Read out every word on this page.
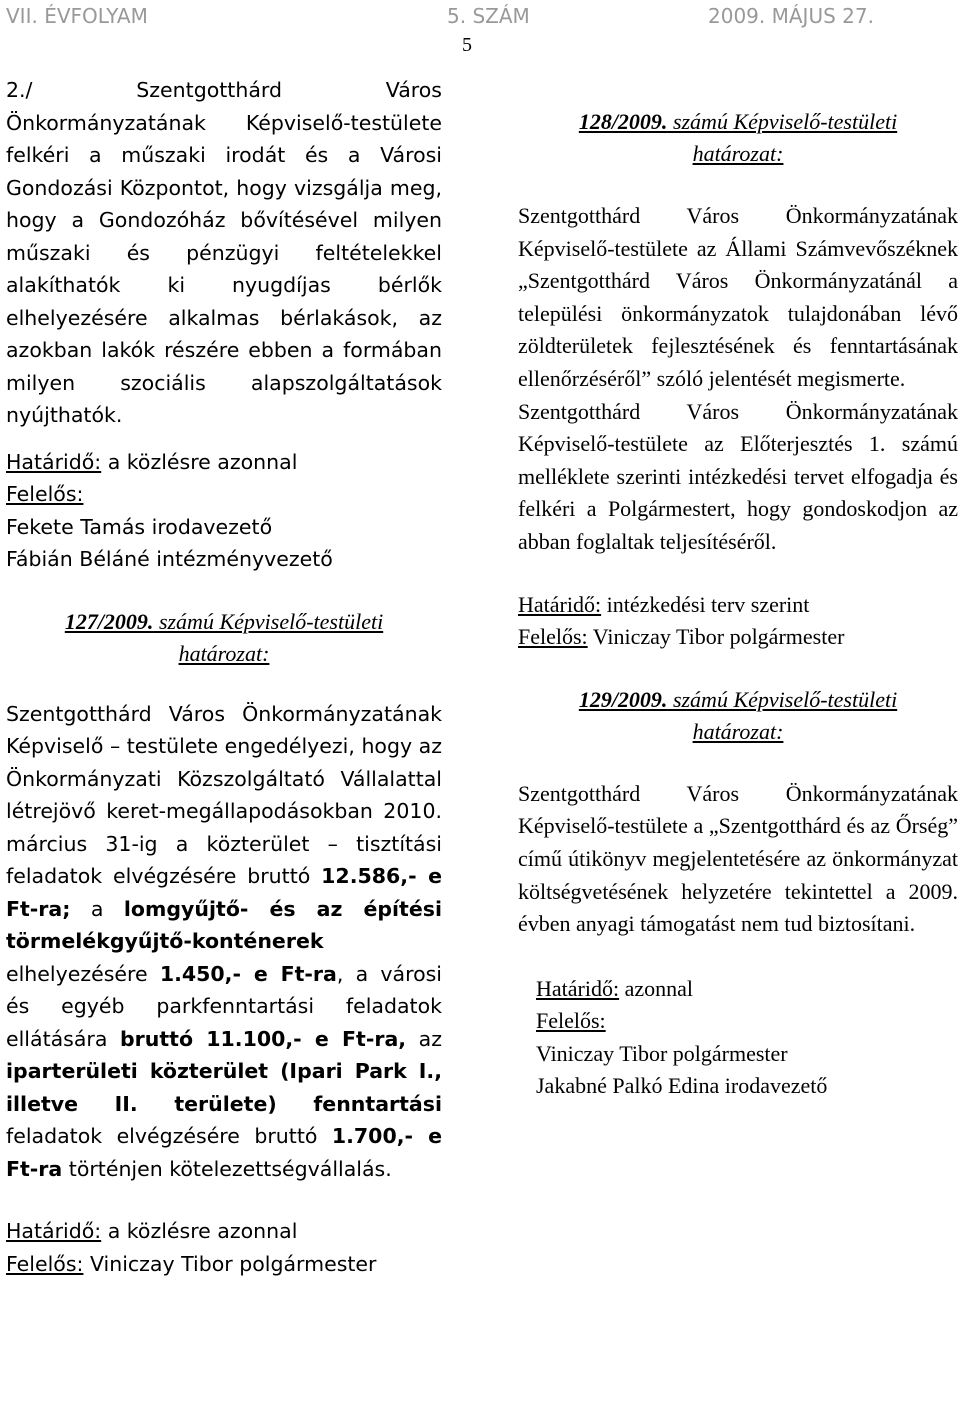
VII. ÉVFOLYAM	5. SZÁM	2009. MÁJUS 27.
5

2./ Szentgotthárd Város Önkormányzatának Képviselő-testülete felkéri a műszaki irodát és a Városi Gondozási Központot, hogy vizsgálja meg, hogy a Gondozóház bővítésével milyen műszaki és pénzügyi feltételekkel alakíthatók ki nyugdíjas bérlők elhelyezésére alkalmas bérlakások, az azokban lakók részére ebben a formában milyen szociális alapszolgáltatások nyújthatók.

Határidő: a közlésre azonnal

Felelős:

Fekete Tamás irodavezető

Fábián Béláné intézményvezető

127/2009. számú Képviselő-testületi
határozat:

Szentgotthárd Város Önkormányzatának Képviselő – testülete engedélyezi, hogy az Önkormányzati Közszolgáltató Vállalattal létrejövő keret-megállapodásokban 2010. március 31-ig a közterület – tisztítási feladatok elvégzésére bruttó 12.586,- e Ft-ra; a lomgyűjtő- és az építési törmelékgyűjtő-konténerek elhelyezésére 1.450,- e Ft-ra, a városi és egyéb parkfenntartási feladatok ellátására bruttó 11.100,- e Ft-ra, az iparterületi közterület (Ipari Park I., illetve II. területe) fenntartási feladatok elvégzésére bruttó 1.700,- e Ft-ra történjen kötelezettségvállalás.

Határidő: a közlésre azonnal

Felelős: Viniczay Tibor polgármester

128/2009. számú Képviselő-testületi
határozat:

Szentgotthárd Város Önkormányzatának Képviselő-testülete az Állami Számvevőszéknek „Szentgotthárd Város Önkormányzatánál a települési önkormányzatok tulajdonában lévő zöldterületek fejlesztésének és fenntartásának ellenőrzéséről” szóló jelentését megismerte.

Szentgotthárd Város Önkormányzatának Képviselő-testülete az Előterjesztés 1. számú melléklete szerinti intézkedési tervet elfogadja és felkéri a Polgármestert, hogy gondoskodjon az abban foglaltak teljesítéséről.

Határidő: intézkedési terv szerint

Felelős: Viniczay Tibor polgármester

129/2009. számú Képviselő-testületi
határozat:

Szentgotthárd Város Önkormányzatának Képviselő-testülete a „Szentgotthárd és az Őrség” című útikönyv megjelentetésére az önkormányzat költségvetésének helyzetére tekintettel a 2009. évben anyagi támogatást nem tud biztosítani.

Határidő: azonnal

Felelős:

Viniczay Tibor polgármester

Jakabné Palkó Edina irodavezető
